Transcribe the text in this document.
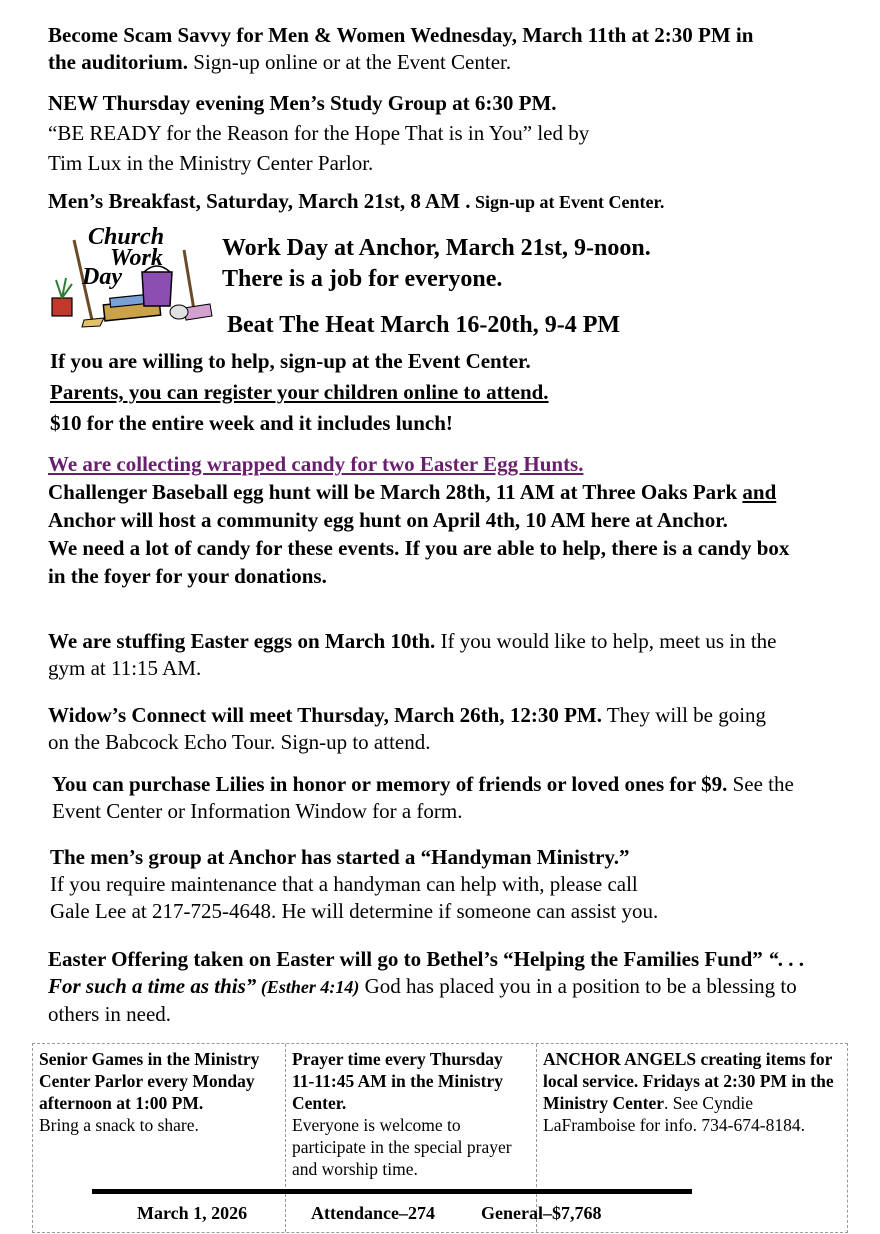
Become Scam Savvy for Men & Women Wednesday, March 11th at 2:30 PM in the auditorium. Sign-up online or at the Event Center.
NEW Thursday evening Men’s Study Group at 6:30 PM.
“BE READY for the Reason for the Hope That is in You” led by
Tim Lux in the Ministry Center Parlor.
Men’s Breakfast, Saturday, March 21st, 8 AM . Sign-up at Event Center.
Church
Work
Day
Work Day at Anchor, March 21st, 9-noon.
There is a job for everyone.
Beat The Heat March 16-20th, 9-4 PM
If you are willing to help, sign-up at the Event Center.
Parents, you can register your children online to attend.
$10 for the entire week and it includes lunch!
We are collecting wrapped candy for two Easter Egg Hunts.
Challenger Baseball egg hunt will be March 28th, 11 AM at Three Oaks Park and Anchor will host a community egg hunt on April 4th, 10 AM here at Anchor.
We need a lot of candy for these events. If you are able to help, there is a candy box in the foyer for your donations.
We are stuffing Easter eggs on March 10th. If you would like to help, meet us in the gym at 11:15 AM.
Widow’s Connect will meet Thursday, March 26th, 12:30 PM. They will be going on the Babcock Echo Tour. Sign-up to attend.
You can purchase Lilies in honor or memory of friends or loved ones for $9. See the Event Center or Information Window for a form.
The men’s group at Anchor has started a “Handyman Ministry.”
If you require maintenance that a handyman can help with, please call
Gale Lee at 217-725-4648. He will determine if someone can assist you.
Easter Offering taken on Easter will go to Bethel’s “Helping the Families Fund” “. . . For such a time as this” (Esther 4:14) God has placed you in a position to be a blessing to others in need.
Senior Games in the Ministry Center Parlor every Monday afternoon at 1:00 PM.
Bring a snack to share.
Prayer time every Thursday 11-11:45 AM in the Ministry Center.
Everyone is welcome to participate in the special prayer and worship time.
ANCHOR ANGELS creating items for local service. Fridays at 2:30 PM in the Ministry Center. See Cyndie LaFramboise for info. 734-674-8184.
March 1, 2026	Attendance–274	General–$7,768
